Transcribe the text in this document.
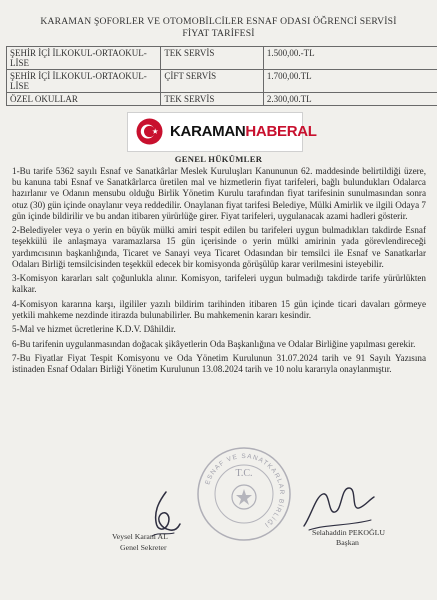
KARAMAN ŞOFORLER VE OTOMOBİLCİLER ESNAF ODASI ÖĞRENCİ SERVİSİ
FİYAT TARİFESİ
ŞEHİR İÇİ İLKOKUL-ORTAOKUL- LİSE	TEK SERVİS	1.500,00.-TL
ŞEHİR İÇİ İLKOKUL-ORTAOKUL- LİSE	ÇİFT SERVİS	1.700,00.TL
ÖZEL OKULLAR	TEK SERVİS	2.300,00.TL
KARAMANHABERAL
GENEL HÜKÜMLER

1-Bu tarife 5362 sayılı Esnaf ve Sanatkârlar Meslek Kuruluşları Kanununun 62. maddesinde belirtildiği üzere, bu kanuna tabi Esnaf ve Sanatkârlarca üretilen mal ve hizmetlerin fiyat tarifeleri, bağlı bulundukları Odalarca hazırlanır ve Odanın mensubu olduğu Birlik Yönetim Kurulu tarafından fiyat tarifesinin sunulmasından sonra otuz (30) gün içinde onaylanır veya reddedilir. Onaylanan fiyat tarifesi Belediye, Mülki Amirlik ve ilgili Odaya 7 gün içinde bildirilir ve bu andan itibaren yürürlüğe girer. Fiyat tarifeleri, uygulanacak azami hadleri gösterir.

2-Belediyeler veya o yerin en büyük mülki amiri tespit edilen bu tarifeleri uygun bulmadıkları takdirde Esnaf teşekkülü ile anlaşmaya varamazlarsa 15 gün içerisinde o yerin mülki amirinin yada görevlendireceği yardımcısının başkanlığında, Ticaret ve Sanayi veya Ticaret Odasından bir temsilci ile Esnaf ve Sanatkarlar Odaları Birliği temsilcisinden teşekkül edecek bir komisyonda görüşülüp karar verilmesini isteyebilir.

3-Komisyon kararları salt çoğunlukla alınır. Komisyon, tarifeleri uygun bulmadığı takdirde tarife yürürlükten kalkar.

4-Komisyon kararına karşı, ilgililer yazılı bildirim tarihinden itibaren 15 gün içinde ticari davaları görmeye yetkili mahkeme nezdinde itirazda bulunabilirler. Bu mahkemenin kararı kesindir.

5-Mal ve hizmet ücretlerine K.D.V. Dâhildir.

6-Bu tarifenin uygulanmasından doğacak şikâyetlerin Oda Başkanlığına ve Odalar Birliğine yapılması gerekir.

7-Bu Fiyatlar Fiyat Tespit Komisyonu ve Oda Yönetim Kurulunun 31.07.2024 tarih ve 91 Sayılı Yazısına istinaden Esnaf Odaları Birliği Yönetim Kurulunun 13.08.2024 tarih ve 10 nolu kararıyla onaylanmıştır.

T.C.
ESNAF VE SANATKARLAR BİRLİĞİ
Veysel Karani AL
Genel Sekreter
Selahaddin PEKOĞLU
Başkan
